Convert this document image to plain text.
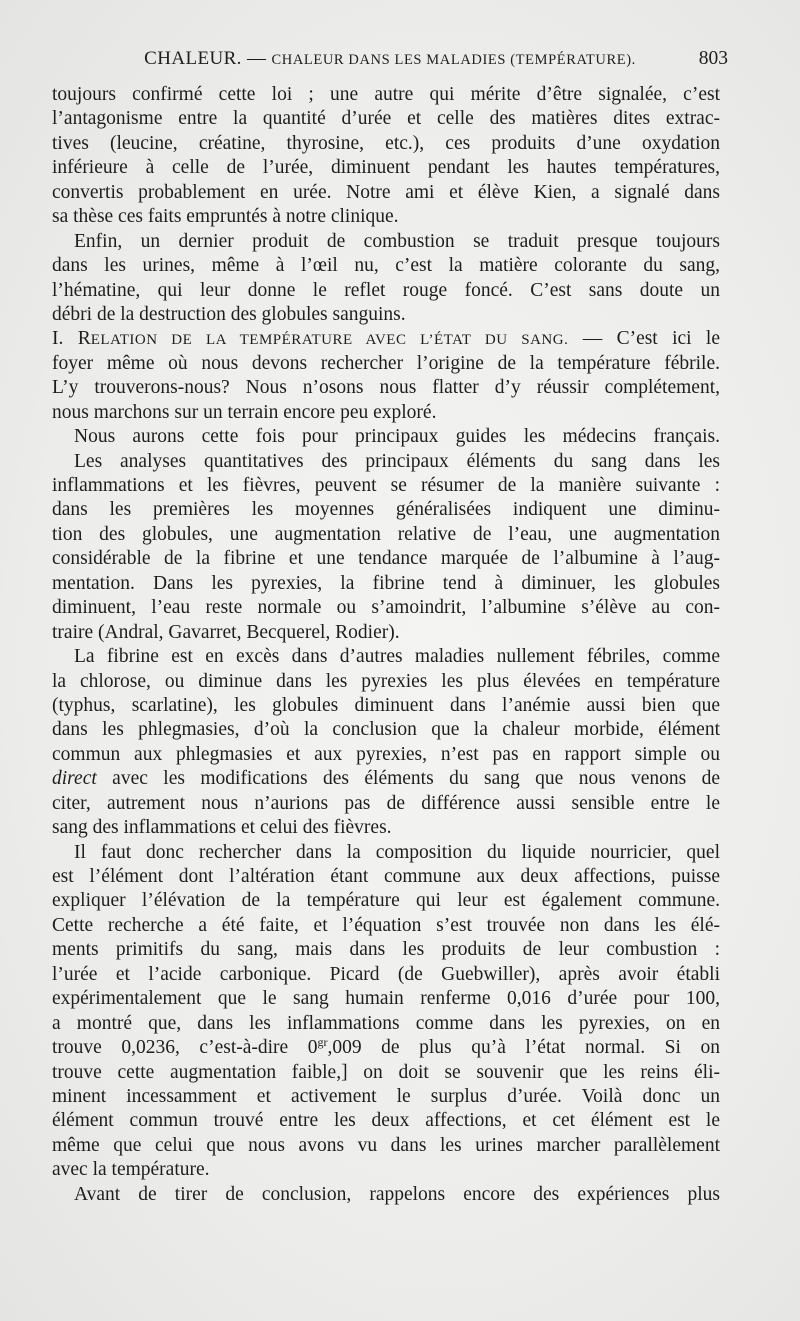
CHALEUR. — CHALEUR DANS LES MALADIES (TEMPÉRATURE).	803
toujours confirmé cette loi ; une autre qui mérite d’être signalée, c’est
l’antagonisme entre la quantité d’urée et celle des matières dites extrac-
tives (leucine, créatine, thyrosine, etc.), ces produits d’une oxydation
inférieure à celle de l’urée, diminuent pendant les hautes températures,
convertis probablement en urée. Notre ami et élève Kien, a signalé dans
sa thèse ces faits empruntés à notre clinique.
Enfin, un dernier produit de combustion se traduit presque toujours
dans les urines, même à l’œil nu, c’est la matière colorante du sang,
l’hématine, qui leur donne le reflet rouge foncé. C’est sans doute un
débri de la destruction des globules sanguins.
I. RELATION DE LA TEMPÉRATURE AVEC L’ÉTAT DU SANG. — C’est ici le
foyer même où nous devons rechercher l’origine de la température fébrile.
L’y trouverons-nous? Nous n’osons nous flatter d’y réussir complétement,
nous marchons sur un terrain encore peu exploré.
Nous aurons cette fois pour principaux guides les médecins français.
Les analyses quantitatives des principaux éléments du sang dans les
inflammations et les fièvres, peuvent se résumer de la manière suivante :
dans les premières les moyennes généralisées indiquent une diminu-
tion des globules, une augmentation relative de l’eau, une augmentation
considérable de la fibrine et une tendance marquée de l’albumine à l’aug-
mentation. Dans les pyrexies, la fibrine tend à diminuer, les globules
diminuent, l’eau reste normale ou s’amoindrit, l’albumine s’élève au con-
traire (Andral, Gavarret, Becquerel, Rodier).
La fibrine est en excès dans d’autres maladies nullement fébriles, comme
la chlorose, ou diminue dans les pyrexies les plus élevées en température
(typhus, scarlatine), les globules diminuent dans l’anémie aussi bien que
dans les phlegmasies, d’où la conclusion que la chaleur morbide, élément
commun aux phlegmasies et aux pyrexies, n’est pas en rapport simple ou
direct avec les modifications des éléments du sang que nous venons de
citer, autrement nous n’aurions pas de différence aussi sensible entre le
sang des inflammations et celui des fièvres.
Il faut donc rechercher dans la composition du liquide nourricier, quel
est l’élément dont l’altération étant commune aux deux affections, puisse
expliquer l’élévation de la température qui leur est également commune.
Cette recherche a été faite, et l’équation s’est trouvée non dans les élé-
ments primitifs du sang, mais dans les produits de leur combustion :
l’urée et l’acide carbonique. Picard (de Guebwiller), après avoir établi
expérimentalement que le sang humain renferme 0,016 d’urée pour 100,
a montré que, dans les inflammations comme dans les pyrexies, on en
trouve 0,0236, c’est-à-dire $0^{gr},009$ de plus qu’à l’état normal. Si on
trouve cette augmentation faible,] on doit se souvenir que les reins éli-
minent incessamment et activement le surplus d’urée. Voilà donc un
élément commun trouvé entre les deux affections, et cet élément est le
même que celui que nous avons vu dans les urines marcher parallèlement
avec la température.
Avant de tirer de conclusion, rappelons encore des expériences plus
